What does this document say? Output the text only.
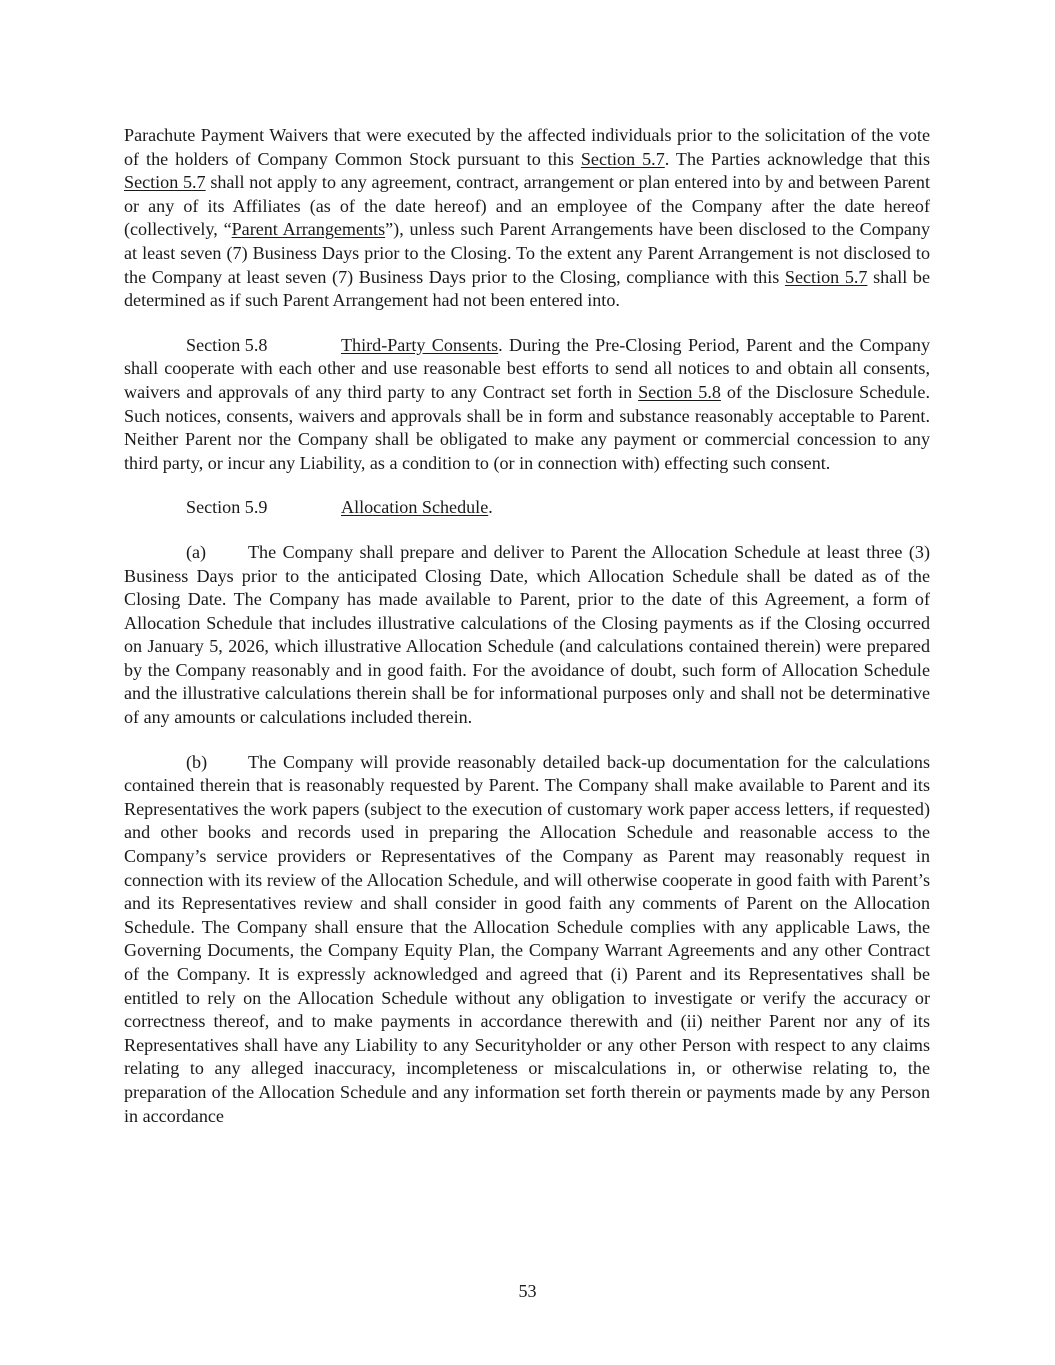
Parachute Payment Waivers that were executed by the affected individuals prior to the solicitation of the vote of the holders of Company Common Stock pursuant to this Section 5.7. The Parties acknowledge that this Section 5.7 shall not apply to any agreement, contract, arrangement or plan entered into by and between Parent or any of its Affiliates (as of the date hereof) and an employee of the Company after the date hereof (collectively, “Parent Arrangements”), unless such Parent Arrangements have been disclosed to the Company at least seven (7) Business Days prior to the Closing. To the extent any Parent Arrangement is not disclosed to the Company at least seven (7) Business Days prior to the Closing, compliance with this Section 5.7 shall be determined as if such Parent Arrangement had not been entered into.

Section 5.8	Third-Party Consents. During the Pre-Closing Period, Parent and the Company shall cooperate with each other and use reasonable best efforts to send all notices to and obtain all consents, waivers and approvals of any third party to any Contract set forth in Section 5.8 of the Disclosure Schedule. Such notices, consents, waivers and approvals shall be in form and substance reasonably acceptable to Parent. Neither Parent nor the Company shall be obligated to make any payment or commercial concession to any third party, or incur any Liability, as a condition to (or in connection with) effecting such consent.

Section 5.9	Allocation Schedule.

(a) The Company shall prepare and deliver to Parent the Allocation Schedule at least three (3) Business Days prior to the anticipated Closing Date, which Allocation Schedule shall be dated as of the Closing Date. The Company has made available to Parent, prior to the date of this Agreement, a form of Allocation Schedule that includes illustrative calculations of the Closing payments as if the Closing occurred on January 5, 2026, which illustrative Allocation Schedule (and calculations contained therein) were prepared by the Company reasonably and in good faith. For the avoidance of doubt, such form of Allocation Schedule and the illustrative calculations therein shall be for informational purposes only and shall not be determinative of any amounts or calculations included therein.

(b) The Company will provide reasonably detailed back-up documentation for the calculations contained therein that is reasonably requested by Parent. The Company shall make available to Parent and its Representatives the work papers (subject to the execution of customary work paper access letters, if requested) and other books and records used in preparing the Allocation Schedule and reasonable access to the Company’s service providers or Representatives of the Company as Parent may reasonably request in connection with its review of the Allocation Schedule, and will otherwise cooperate in good faith with Parent’s and its Representatives review and shall consider in good faith any comments of Parent on the Allocation Schedule. The Company shall ensure that the Allocation Schedule complies with any applicable Laws, the Governing Documents, the Company Equity Plan, the Company Warrant Agreements and any other Contract of the Company. It is expressly acknowledged and agreed that (i) Parent and its Representatives shall be entitled to rely on the Allocation Schedule without any obligation to investigate or verify the accuracy or correctness thereof, and to make payments in accordance therewith and (ii) neither Parent nor any of its Representatives shall have any Liability to any Securityholder or any other Person with respect to any claims relating to any alleged inaccuracy, incompleteness or miscalculations in, or otherwise relating to, the preparation of the Allocation Schedule and any information set forth therein or payments made by any Person in accordance

53
